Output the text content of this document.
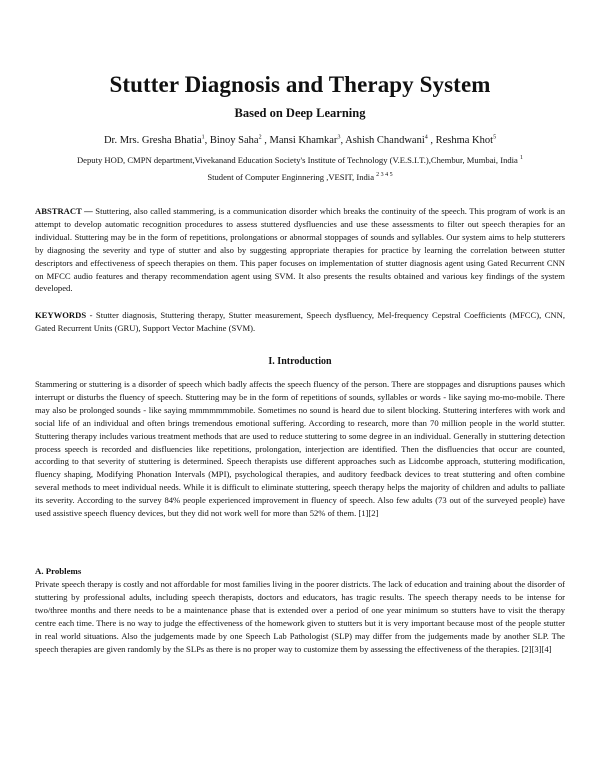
Stutter Diagnosis and Therapy System
Based on Deep Learning
Dr. Mrs. Gresha Bhatia$^1$, Binoy Saha$^2$ , Mansi Khamkar$^3$, Ashish Chandwani$^4$ , Reshma Khot$^5$
Deputy HOD, CMPN department,Vivekanand Education Society's Institute of Technology (V.E.S.I.T.),Chembur, Mumbai, India $^1$
Student of Computer Enginnering ,VESIT, India $^{2 3 4 5}$
ABSTRACT — Stuttering, also called stammering, is a communication disorder which breaks the continuity of the speech. This program of work is an attempt to develop automatic recognition procedures to assess stuttered dysfluencies and use these assessments to filter out speech therapies for an individual. Stuttering may be in the form of repetitions, prolongations or abnormal stoppages of sounds and syllables. Our system aims to help stutterers by diagnosing the severity and type of stutter and also by suggesting appropriate therapies for practice by learning the correlation between stutter descriptors and effectiveness of speech therapies on them. This paper focuses on implementation of stutter diagnosis agent using Gated Recurrent CNN on MFCC audio features and therapy recommendation agent using SVM. It also presents the results obtained and various key findings of the system developed.
KEYWORDS - Stutter diagnosis, Stuttering therapy, Stutter measurement, Speech dysfluency, Mel-frequency Cepstral Coefficients (MFCC), CNN, Gated Recurrent Units (GRU), Support Vector Machine (SVM).
I. Introduction
Stammering or stuttering is a disorder of speech which badly affects the speech fluency of the person. There are stoppages and disruptions pauses which interrupt or disturbs the fluency of speech. Stuttering may be in the form of repetitions of sounds, syllables or words - like saying mo-mo-mobile. There may also be prolonged sounds - like saying mmmmmmmobile. Sometimes no sound is heard due to silent blocking. Stuttering interferes with work and social life of an individual and often brings tremendous emotional suffering. According to research, more than 70 million people in the world stutter. Stuttering therapy includes various treatment methods that are used to reduce stuttering to some degree in an individual. Generally in stuttering detection process speech is recorded and disfluencies like repetitions, prolongation, interjection are identified. Then the disfluencies that occur are counted, according to that severity of stuttering is determined. Speech therapists use different approaches such as Lidcombe approach, stuttering modification, fluency shaping, Modifying Phonation Intervals (MPI), psychological therapies, and auditory feedback devices to treat stuttering and often combine several methods to meet individual needs. While it is difficult to eliminate stuttering, speech therapy helps the majority of children and adults to palliate its severity. According to the survey 84% people experienced improvement in fluency of speech. Also few adults (73 out of the surveyed people) have used assistive speech fluency devices, but they did not work well for more than 52% of them. [1][2]
A. Problems
Private speech therapy is costly and not affordable for most families living in the poorer districts. The lack of education and training about the disorder of stuttering by professional adults, including speech therapists, doctors and educators, has tragic results. The speech therapy needs to be intense for two/three months and there needs to be a maintenance phase that is extended over a period of one year minimum so stutters have to visit the therapy centre each time. There is no way to judge the effectiveness of the homework given to stutters but it is very important because most of the people stutter in real world situations. Also the judgements made by one Speech Lab Pathologist (SLP) may differ from the judgements made by another SLP. The speech therapies are given randomly by the SLPs as there is no proper way to customize them by assessing the effectiveness of the therapies. [2][3][4]
